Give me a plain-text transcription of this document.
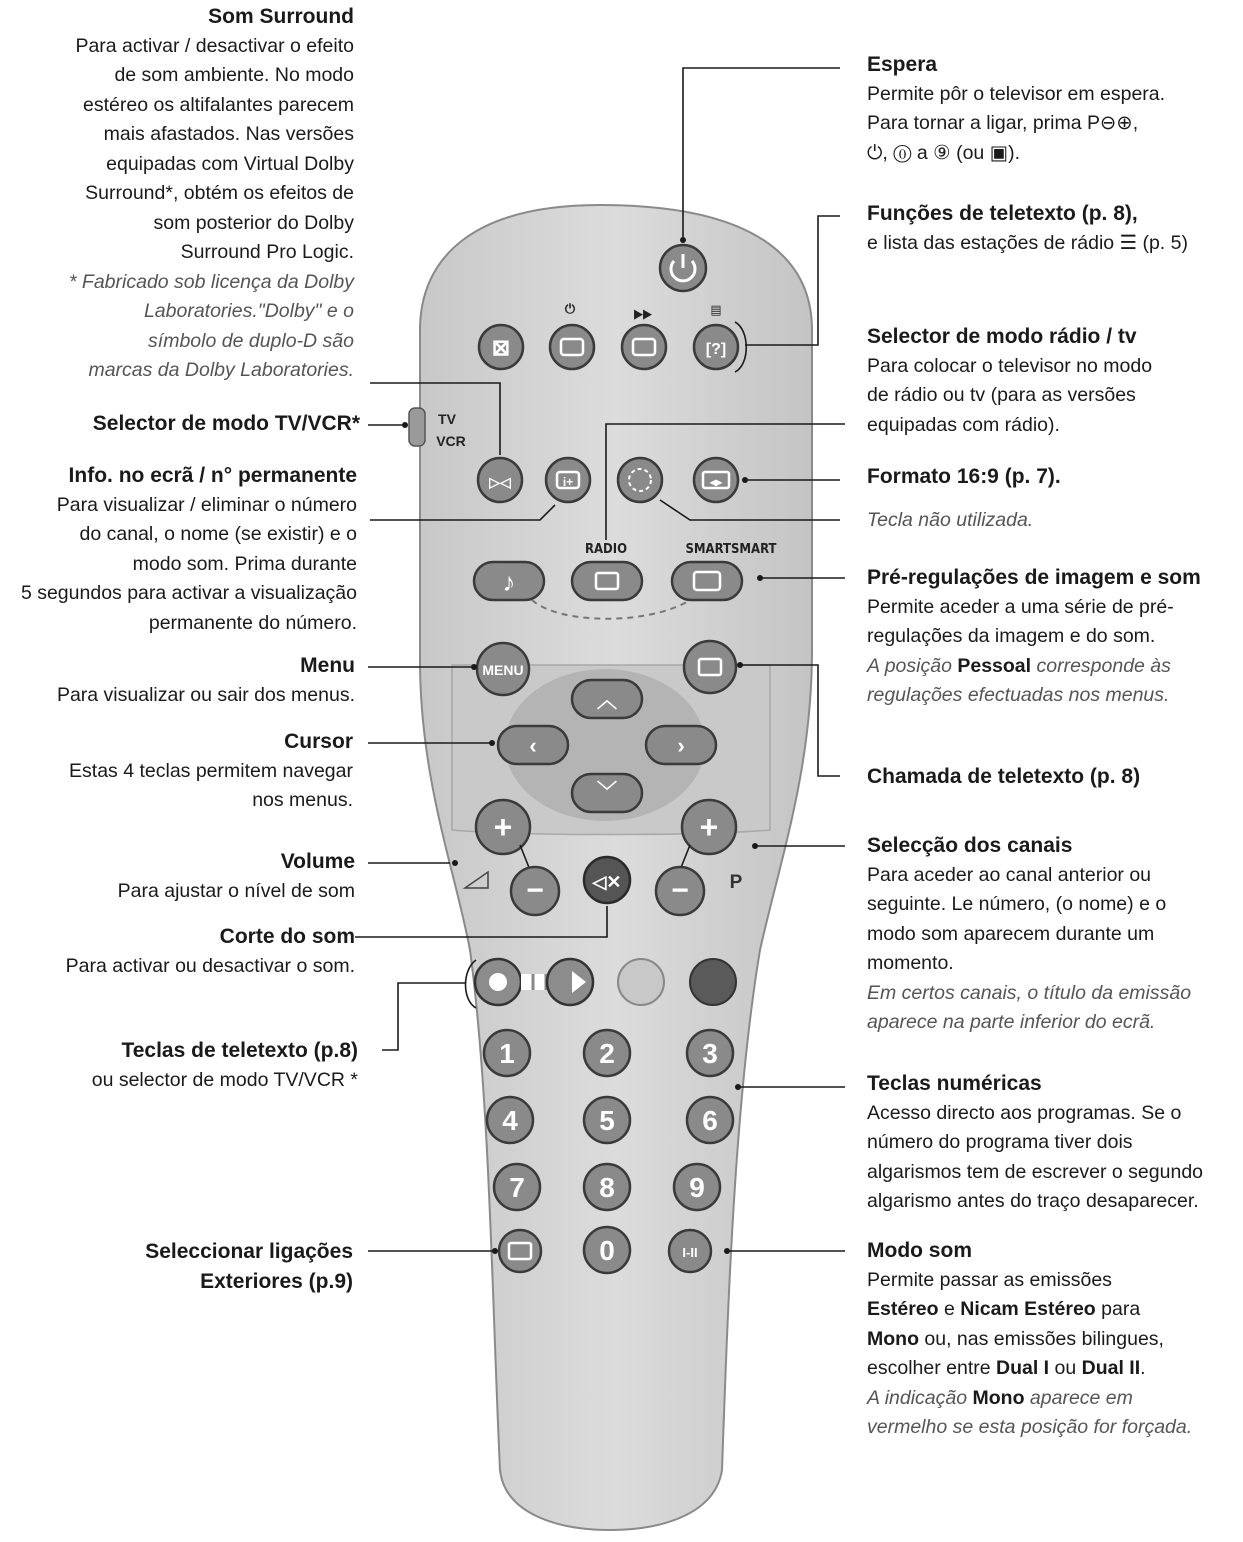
⏻	▶▶	▤
⊠	[?]
TV
VCR
▷◁	i+	◂▸
RADIO	SMARTSMART
♪
MENU
︿
‹	›
﹀
+	+
−	◁✕ − P
1	2	3
4	5	6
7	8	9
0	I-II
Som Surround
Para activar / desactivar o efeito
de som ambiente. No modo
estéreo os altifalantes parecem
mais afastados. Nas versões
equipadas com Virtual Dolby
Surround*, obtém os efeitos de
som posterior do Dolby
Surround Pro Logic.
* Fabricado sob licença da Dolby
Laboratories."Dolby" e o
símbolo de duplo-D são
marcas da Dolby Laboratories.
Selector de modo TV/VCR*
Info. no ecrã / n° permanente
Para visualizar / eliminar o número
do canal, o nome (se existir) e o
modo som. Prima durante
5 segundos para activar a visualização
permanente do número.
Menu
Para visualizar ou sair dos menus.
Cursor
Estas 4 teclas permitem navegar
nos menus.
Volume
Para ajustar o nível de som
Corte do som
Para activar ou desactivar o som.
Teclas de teletexto (p.8)
ou selector de modo TV/VCR *
Seleccionar ligações
Exteriores (p.9)
Espera
Permite pôr o televisor em espera.
Para tornar a ligar, prima P⊖⊕,
⏻, ⓪ a ⑨ (ou ▣).
Funções de teletexto (p. 8),
e lista das estações de rádio ☰ (p. 5)
Selector de modo rádio / tv
Para colocar o televisor no modo
de rádio ou tv (para as versões
equipadas com rádio).
Formato 16:9 (p. 7).
Tecla não utilizada.
Pré-regulações de imagem e som
Permite aceder a uma série de pré-
regulações da imagem e do som.
A posição Pessoal corresponde às
regulações efectuadas nos menus.
Chamada de teletexto (p. 8)
Selecção dos canais
Para aceder ao canal anterior ou
seguinte. Le número, (o nome) e o
modo som aparecem durante um
momento.
Em certos canais, o título da emissão
aparece na parte inferior do ecrã.
Teclas numéricas
Acesso directo aos programas. Se o
número do programa tiver dois
algarismos tem de escrever o segundo
algarismo antes do traço desaparecer.
Modo som
Permite passar as emissões
Estéreo e Nicam Estéreo para
Mono ou, nas emissões bilingues,
escolher entre Dual I ou Dual II.
A indicação Mono aparece em
vermelho se esta posição for forçada.
